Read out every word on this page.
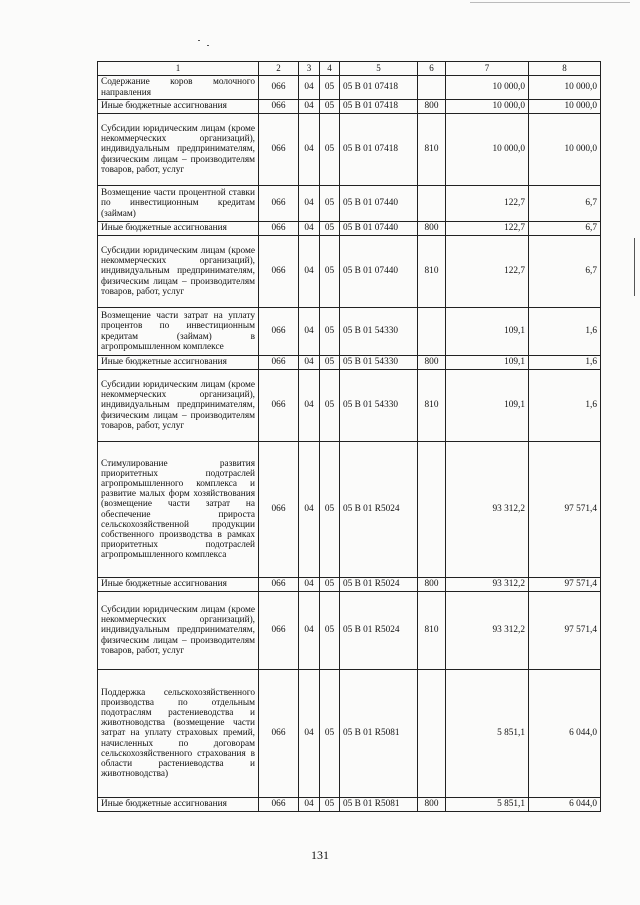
1	2	3	4	5	6	7	8
Содержание коров молочного направления	066	04	05	05 В 01 07418		10 000,0	10 000,0
Иные бюджетные ассигнования	066	04	05	05 В 01 07418	800	10 000,0	10 000,0
Субсидии юридическим лицам (кроме некоммерческих организаций), индивидуальным предпринимателям, физическим лицам – производителям товаров, работ, услуг	066	04	05	05 В 01 07418	810	10 000,0	10 000,0
Возмещение части процентной ставки по инвестиционным кредитам (займам)	066	04	05	05 В 01 07440		122,7	6,7
Иные бюджетные ассигнования	066	04	05	05 В 01 07440	800	122,7	6,7
Субсидии юридическим лицам (кроме некоммерческих организаций), индивидуальным предпринимателям, физическим лицам – производителям товаров, работ, услуг	066	04	05	05 В 01 07440	810	122,7	6,7
Возмещение части затрат на уплату процентов по инвестиционным кредитам (займам) в агропромышленном комплексе	066	04	05	05 В 01 54330		109,1	1,6
Иные бюджетные ассигнования	066	04	05	05 В 01 54330	800	109,1	1,6
Субсидии юридическим лицам (кроме некоммерческих организаций), индивидуальным предпринимателям, физическим лицам – производителям товаров, работ, услуг	066	04	05	05 В 01 54330	810	109,1	1,6
Стимулирование развития приоритетных подотраслей агропромышленного комплекса и развитие малых форм хозяйствования (возмещение части затрат на обеспечение прироста сельскохозяйственной продукции собственного производства в рамках приоритетных подотраслей агропромышленного комплекса	066	04	05	05 В 01 R5024		93 312,2	97 571,4
Иные бюджетные ассигнования	066	04	05	05 В 01 R5024	800	93 312,2	97 571,4
Субсидии юридическим лицам (кроме некоммерческих организаций), индивидуальным предпринимателям, физическим лицам – производителям товаров, работ, услуг	066	04	05	05 В 01 R5024	810	93 312,2	97 571,4
Поддержка сельскохозяйственного производства по отдельным подотраслям растениеводства и животноводства (возмещение части затрат на уплату страховых премий, начисленных по договорам сельскохозяйственного страхования в области растениеводства и животноводства)	066	04	05	05 В 01 R5081		5 851,1	6 044,0
Иные бюджетные ассигнования	066	04	05	05 В 01 R5081	800	5 851,1	6 044,0
131
